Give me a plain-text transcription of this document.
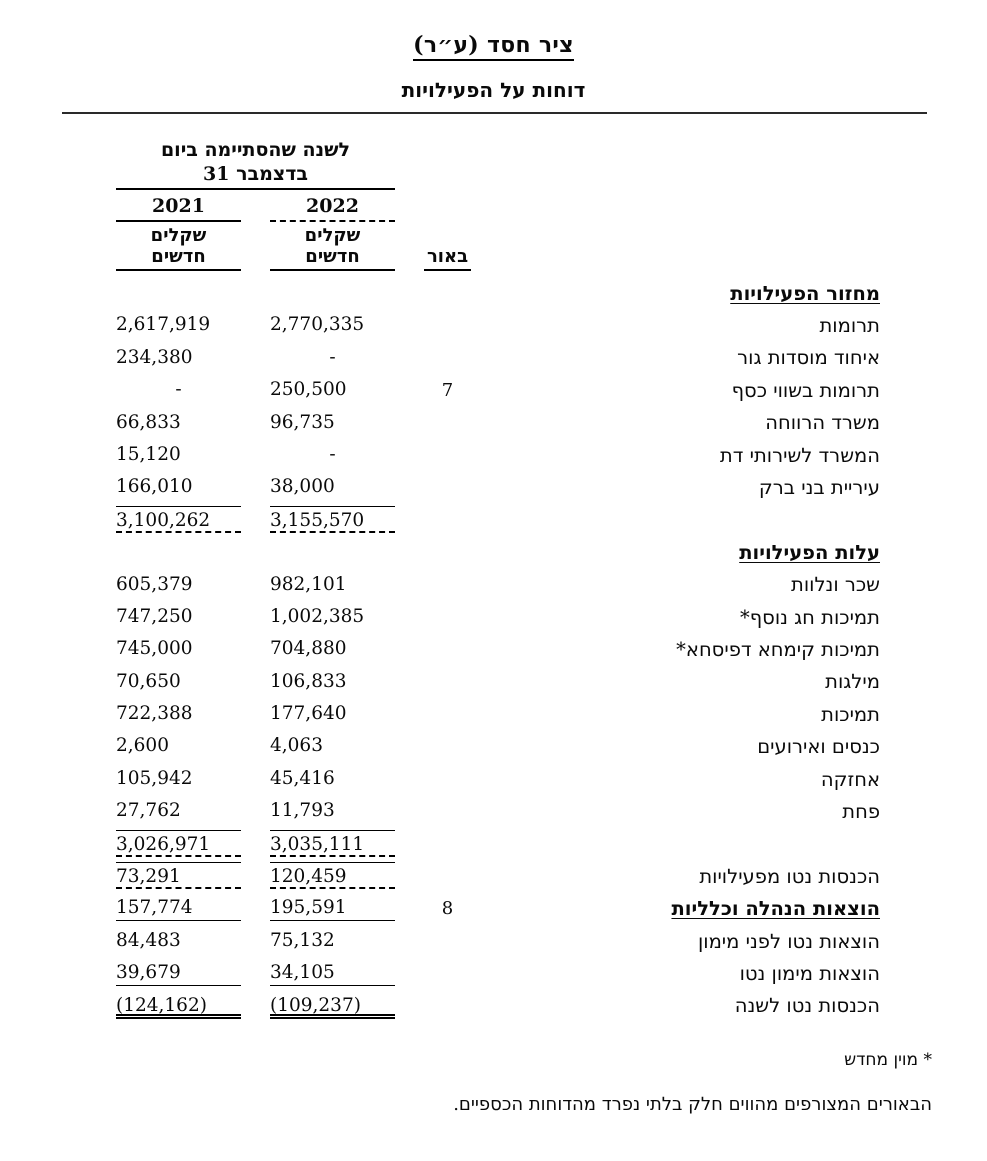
ציר חסד (ע״ר)
דוחות על הפעילויות
לשנה שהסתיימה ביום
31 בדצמבר
2022
2021
באור
שקלים
חדשים
שקלים
חדשים
מחזור הפעילויות
תרומות
2,770,335
2,617,919
איחוד מוסדות גור
-
234,380
תרומות בשווי כסף
7
250,500
-
משרד הרווחה
96,735
66,833
המשרד לשירותי דת
-
15,120
עיריית בני ברק
38,000
166,010
3,155,570
3,100,262
עלות הפעילויות
שכר ונלוות
982,101
605,379
תמיכות חג נוסף*
1,002,385
747,250
תמיכות קימחא דפיסחא*
704,880
745,000
מילגות
106,833
70,650
תמיכות
177,640
722,388
כנסים ואירועים
4,063
2,600
אחזקה
45,416
105,942
פחת
11,793
27,762
3,035,111
3,026,971
הכנסות נטו מפעילויות
120,459
73,291
הוצאות הנהלה וכלליות
8
195,591
157,774
הוצאות נטו לפני מימון
75,132
84,483
הוצאות מימון נטו
34,105
39,679
הכנסות נטו לשנה
(109,237)
(124,162)
* מוין מחדש
הבאורים המצורפים מהווים חלק בלתי נפרד מהדוחות הכספיים.
